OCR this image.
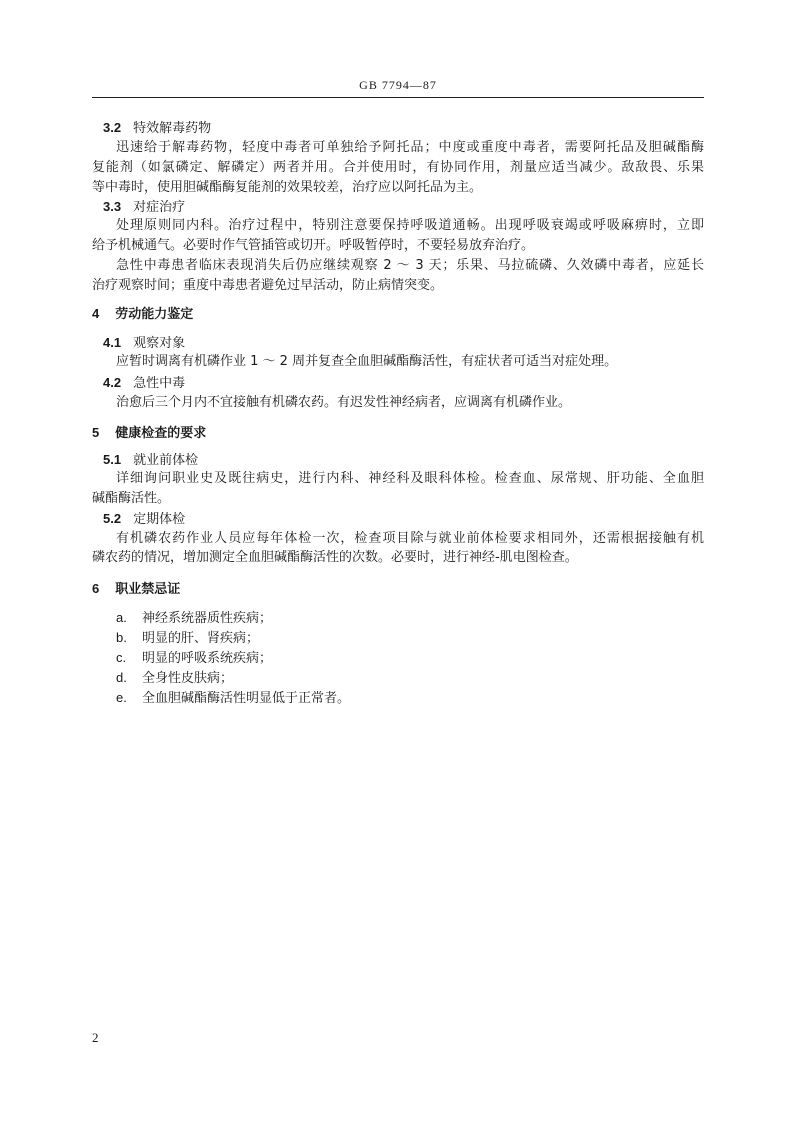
GB 7794—87
3.2 特效解毒药物
迅速给于解毒药物，轻度中毒者可单独给予阿托品；中度或重度中毒者，需要阿托品及胆碱酯酶
复能剂（如氯磷定、解磷定）两者并用。合并使用时，有协同作用，剂量应适当减少。敌敌畏、乐果
等中毒时，使用胆碱酯酶复能剂的效果较差，治疗应以阿托品为主。
3.3 对症治疗
处理原则同内科。治疗过程中，特别注意要保持呼吸道通畅。出现呼吸衰竭或呼吸麻痹时，立即
给予机械通气。必要时作气管插管或切开。呼吸暂停时，不要轻易放弃治疗。
急性中毒患者临床表现消失后仍应继续观察 2 ～ 3 天；乐果、马拉硫磷、久效磷中毒者，应延长
治疗观察时间；重度中毒患者避免过早活动，防止病情突变。
4 劳动能力鉴定
4.1 观察对象
应暂时调离有机磷作业 1 ～ 2 周并复查全血胆碱酯酶活性，有症状者可适当对症处理。
4.2 急性中毒
治愈后三个月内不宜接触有机磷农药。有迟发性神经病者，应调离有机磷作业。
5 健康检查的要求
5.1 就业前体检
详细询问职业史及既往病史，进行内科、神经科及眼科体检。检查血、尿常规、肝功能、全血胆
碱酯酶活性。
5.2 定期体检
有机磷农药作业人员应每年体检一次，检查项目除与就业前体检要求相同外，还需根据接触有机
磷农药的情况，增加测定全血胆碱酯酶活性的次数。必要时，进行神经-肌电图检查。
6 职业禁忌证
a. 神经系统器质性疾病；
b. 明显的肝、肾疾病；
c. 明显的呼吸系统疾病；
d. 全身性皮肤病；
e. 全血胆碱酯酶活性明显低于正常者。
2
